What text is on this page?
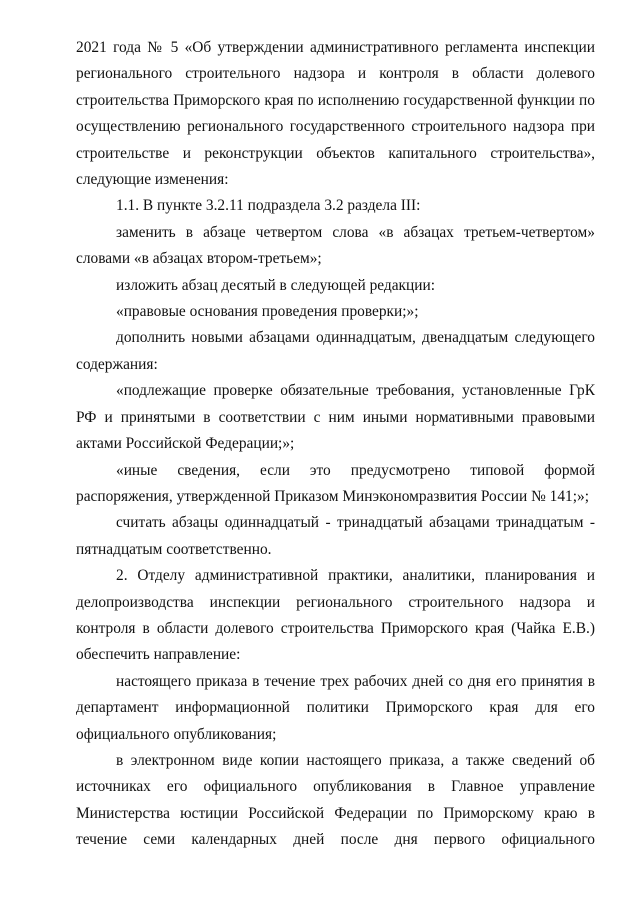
2021 года № 5 «Об утверждении административного регламента инспекции регионального строительного надзора и контроля в области долевого строительства Приморского края по исполнению государственной функции по осуществлению регионального государственного строительного надзора при строительстве и реконструкции объектов капитального строительства», следующие изменения:

1.1. В пункте 3.2.11 подраздела 3.2 раздела III:

заменить в абзаце четвертом слова «в абзацах третьем-четвертом» словами «в абзацах втором-третьем»;

изложить абзац десятый в следующей редакции:

«правовые основания проведения проверки;»;

дополнить новыми абзацами одиннадцатым, двенадцатым следующего содержания:

«подлежащие проверке обязательные требования, установленные ГрК РФ и принятыми в соответствии с ним иными нормативными правовыми актами Российской Федерации;»;

«иные сведения, если это предусмотрено типовой формой распоряжения, утвержденной Приказом Минэкономразвития России № 141;»;

считать абзацы одиннадцатый - тринадцатый абзацами тринадцатым - пятнадцатым соответственно.

2. Отделу административной практики, аналитики, планирования и делопроизводства инспекции регионального строительного надзора и контроля в области долевого строительства Приморского края (Чайка Е.В.) обеспечить направление:

настоящего приказа в течение трех рабочих дней со дня его принятия в департамент информационной политики Приморского края для его официального опубликования;

в электронном виде копии настоящего приказа, а также сведений об источниках его официального опубликования в Главное управление Министерства юстиции Российской Федерации по Приморскому краю в течение семи календарных дней после дня первого официального
